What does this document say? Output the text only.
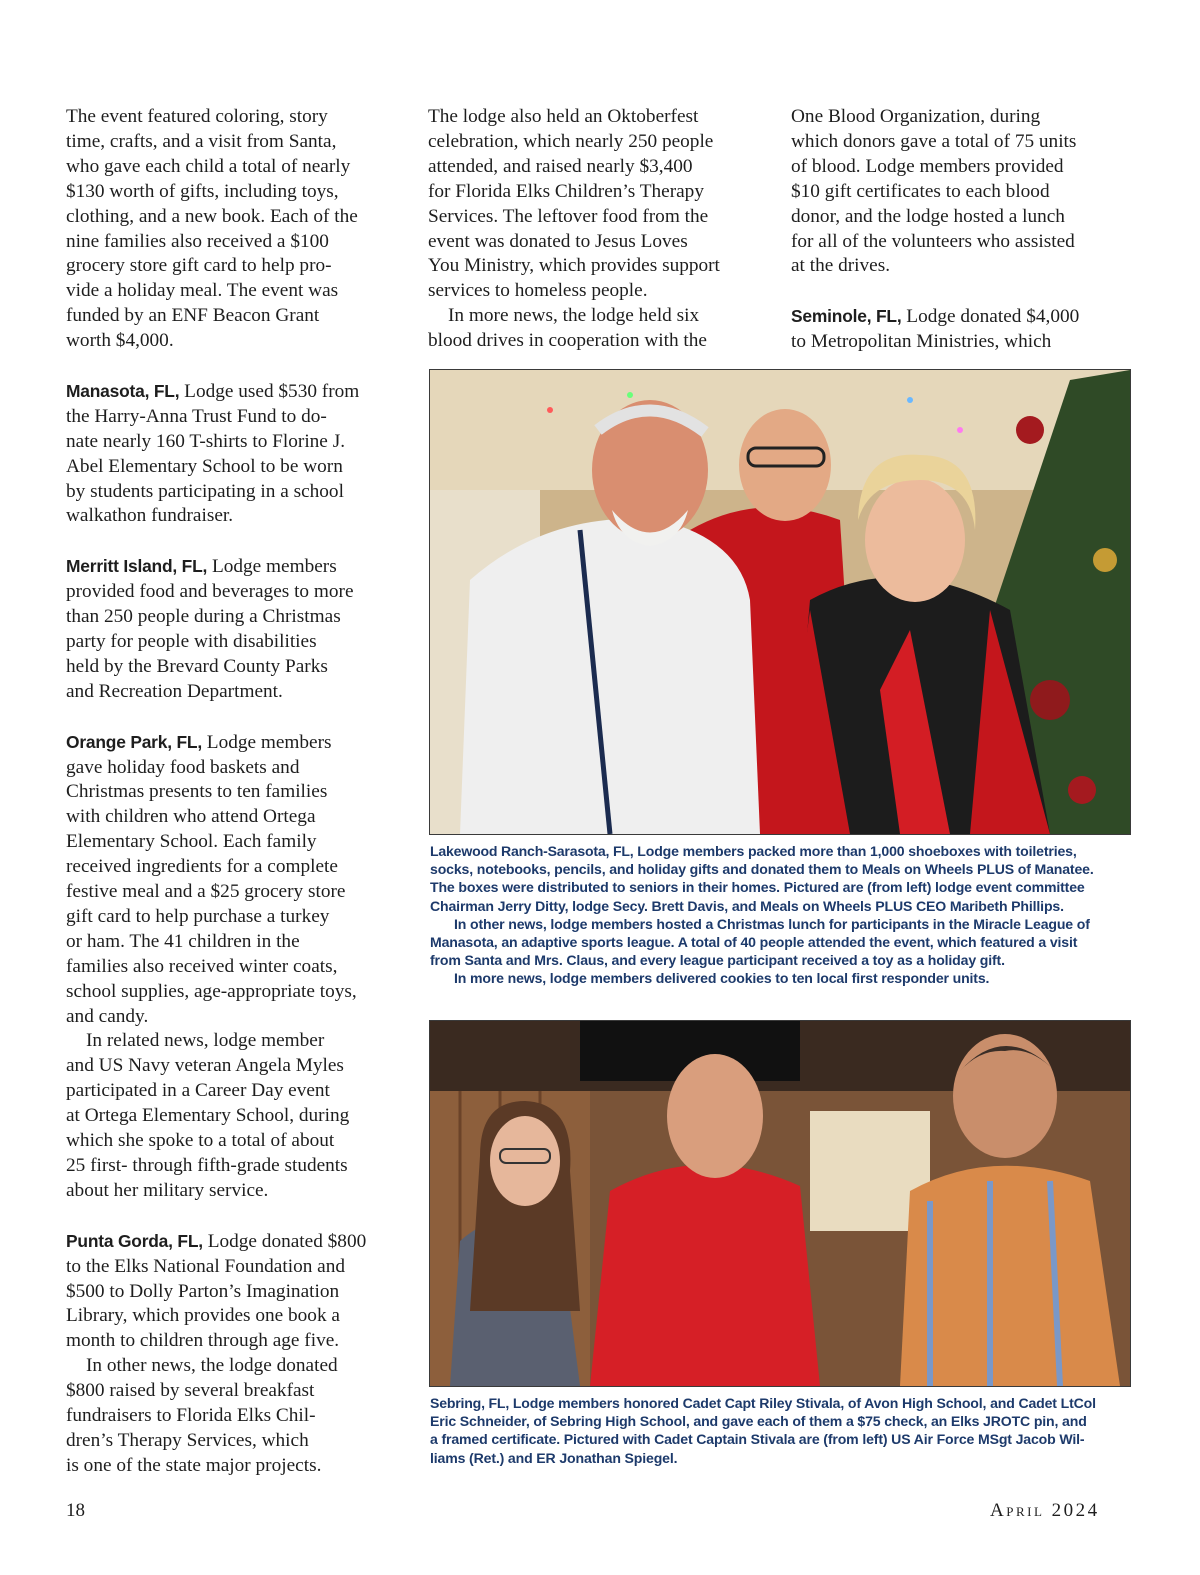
The event featured coloring, story
time, crafts, and a visit from Santa,
who gave each child a total of nearly
$130 worth of gifts, including toys,
clothing, and a new book. Each of the
nine families also received a $100
grocery store gift card to help pro-
vide a holiday meal. The event was
funded by an ENF Beacon Grant
worth $4,000.
Manasota, FL, Lodge used $530 from
the Harry-Anna Trust Fund to do-
nate nearly 160 T-shirts to Florine J.
Abel Elementary School to be worn
by students participating in a school
walkathon fundraiser.
Merritt Island, FL, Lodge members
provided food and beverages to more
than 250 people during a Christmas
party for people with disabilities
held by the Brevard County Parks
and Recreation Department.
Orange Park, FL, Lodge members
gave holiday food baskets and
Christmas presents to ten families
with children who attend Ortega
Elementary School. Each family
received ingredients for a complete
festive meal and a $25 grocery store
gift card to help purchase a turkey
or ham. The 41 children in the
families also received winter coats,
school supplies, age-appropriate toys,
and candy.
In related news, lodge member
and US Navy veteran Angela Myles
participated in a Career Day event
at Ortega Elementary School, during
which she spoke to a total of about
25 first- through fifth-grade students
about her military service.
Punta Gorda, FL, Lodge donated $800
to the Elks National Foundation and
$500 to Dolly Parton’s Imagination
Library, which provides one book a
month to children through age five.
In other news, the lodge donated
$800 raised by several breakfast
fundraisers to Florida Elks Chil-
dren’s Therapy Services, which
is one of the state major projects.
The lodge also held an Oktoberfest
celebration, which nearly 250 people
attended, and raised nearly $3,400
for Florida Elks Children’s Therapy
Services. The leftover food from the
event was donated to Jesus Loves
You Ministry, which provides support
services to homeless people.
In more news, the lodge held six
blood drives in cooperation with the
One Blood Organization, during
which donors gave a total of 75 units
of blood. Lodge members provided
$10 gift certificates to each blood
donor, and the lodge hosted a lunch
for all of the volunteers who assisted
at the drives.
Seminole, FL, Lodge donated $4,000
to Metropolitan Ministries, which
Lakewood Ranch-Sarasota, FL, Lodge members packed more than 1,000 shoeboxes with toiletries,
socks, notebooks, pencils, and holiday gifts and donated them to Meals on Wheels PLUS of Manatee.
The boxes were distributed to seniors in their homes. Pictured are (from left) lodge event committee
Chairman Jerry Ditty, lodge Secy. Brett Davis, and Meals on Wheels PLUS CEO Maribeth Phillips.
In other news, lodge members hosted a Christmas lunch for participants in the Miracle League of
Manasota, an adaptive sports league. A total of 40 people attended the event, which featured a visit
from Santa and Mrs. Claus, and every league participant received a toy as a holiday gift.
In more news, lodge members delivered cookies to ten local first responder units.
Sebring, FL, Lodge members honored Cadet Capt Riley Stivala, of Avon High School, and Cadet LtCol
Eric Schneider, of Sebring High School, and gave each of them a $75 check, an Elks JROTC pin, and
a framed certificate. Pictured with Cadet Captain Stivala are (from left) US Air Force MSgt Jacob Wil-
liams (Ret.) and ER Jonathan Spiegel.
18	April 2024
